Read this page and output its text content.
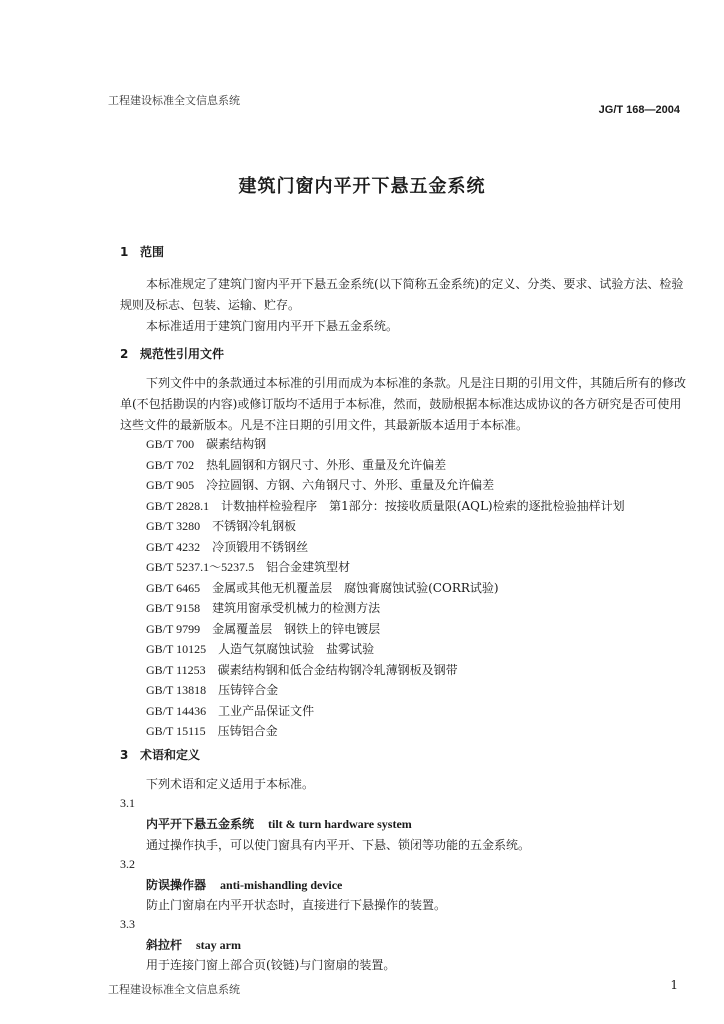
工程建设标准全文信息系统
JG/T 168—2004
建筑门窗内平开下悬五金系统
1 范围
本标准规定了建筑门窗内平开下悬五金系统(以下简称五金系统)的定义、分类、要求、试验方法、检验规则及标志、包装、运输、贮存。
本标准适用于建筑门窗用内平开下悬五金系统。
2 规范性引用文件
下列文件中的条款通过本标准的引用而成为本标准的条款。凡是注日期的引用文件，其随后所有的修改单(不包括勘误的内容)或修订版均不适用于本标准，然而，鼓励根据本标准达成协议的各方研究是否可使用这些文件的最新版本。凡是不注日期的引用文件，其最新版本适用于本标准。
GB/T 700 碳素结构钢
GB/T 702 热轧圆钢和方钢尺寸、外形、重量及允许偏差
GB/T 905 冷拉圆钢、方钢、六角钢尺寸、外形、重量及允许偏差
GB/T 2828.1 计数抽样检验程序　第1部分：按接收质量限(AQL)检索的逐批检验抽样计划
GB/T 3280 不锈钢冷轧钢板
GB/T 4232 冷顶锻用不锈钢丝
GB/T 5237.1～5237.5 铝合金建筑型材
GB/T 6465 金属或其他无机覆盖层　腐蚀膏腐蚀试验(CORR试验)
GB/T 9158 建筑用窗承受机械力的检测方法
GB/T 9799 金属覆盖层　钢铁上的锌电镀层
GB/T 10125 人造气氛腐蚀试验　盐雾试验
GB/T 11253 碳素结构钢和低合金结构钢冷轧薄钢板及钢带
GB/T 13818 压铸锌合金
GB/T 14436 工业产品保证文件
GB/T 15115 压铸铝合金
3 术语和定义
下列术语和定义适用于本标准。
3.1
内平开下悬五金系统 tilt & turn hardware system
通过操作执手，可以使门窗具有内平开、下悬、锁闭等功能的五金系统。
3.2
防误操作器 anti-mishandling device
防止门窗扇在内平开状态时，直接进行下悬操作的装置。
3.3
斜拉杆 stay arm
用于连接门窗上部合页(铰链)与门窗扇的装置。
工程建设标准全文信息系统	1
